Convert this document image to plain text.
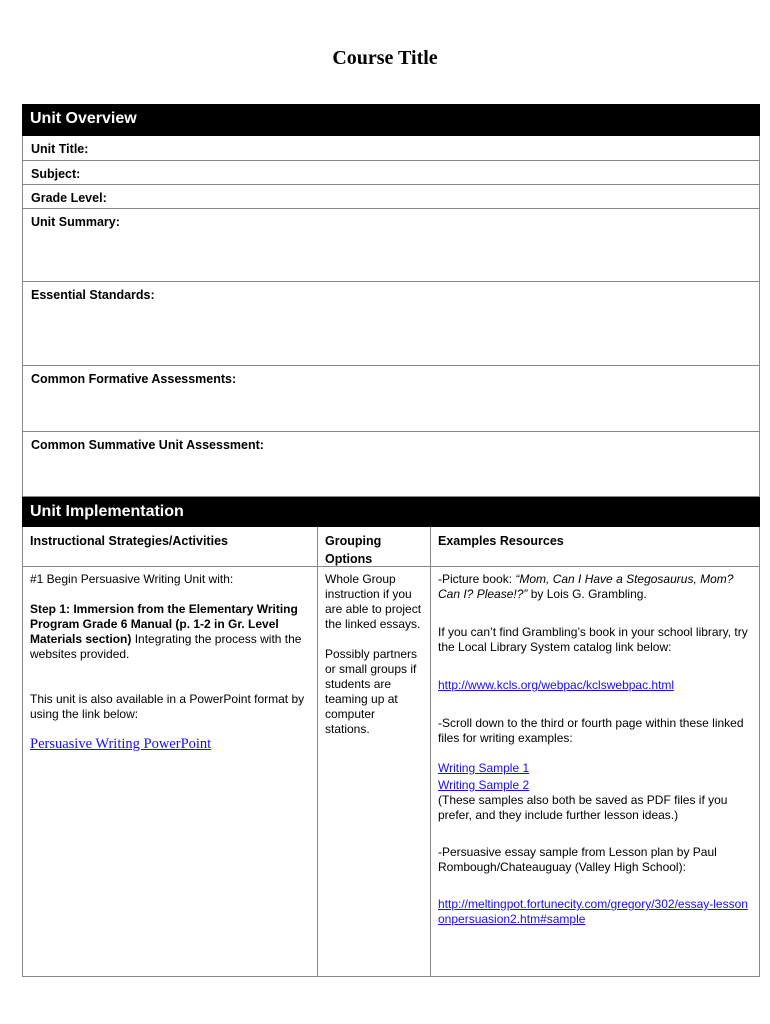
Course Title
Unit Overview
Unit Title:
Subject:
Grade Level:
Unit Summary:
Essential Standards:
Common Formative Assessments:
Common Summative Unit Assessment:
Unit Implementation
Instructional Strategies/Activities	Grouping Options
Examples Resources

#1 Begin Persuasive Writing Unit with:

Step 1: Immersion from the Elementary Writing Program Grade 6 Manual (p. 1-2 in Gr. Level Materials section) Integrating the process with the websites provided.

This unit is also available in a PowerPoint format by using the link below:

Persuasive Writing PowerPoint

Whole Group instruction if you are able to project the linked essays.

Possibly partners or small groups if students are teaming up at computer stations.

-Picture book: “Mom, Can I Have a Stegosaurus, Mom? Can I? Please!?” by Lois G. Grambling.

If you can’t find Grambling’s book in your school library, try the Local Library System catalog link below:

http://www.kcls.org/webpac/kclswebpac.html

-Scroll down to the third or fourth page within these linked files for writing examples:

Writing Sample 1
Writing Sample 2

(These samples also both be saved as PDF files if you prefer, and they include further lesson ideas.)

-Persuasive essay sample from Lesson plan by Paul Rombough/Chateauguay (Valley High School):

http://meltingpot.fortunecity.com/gregory/302/essay-lessononpersuasion2.htm#sample
